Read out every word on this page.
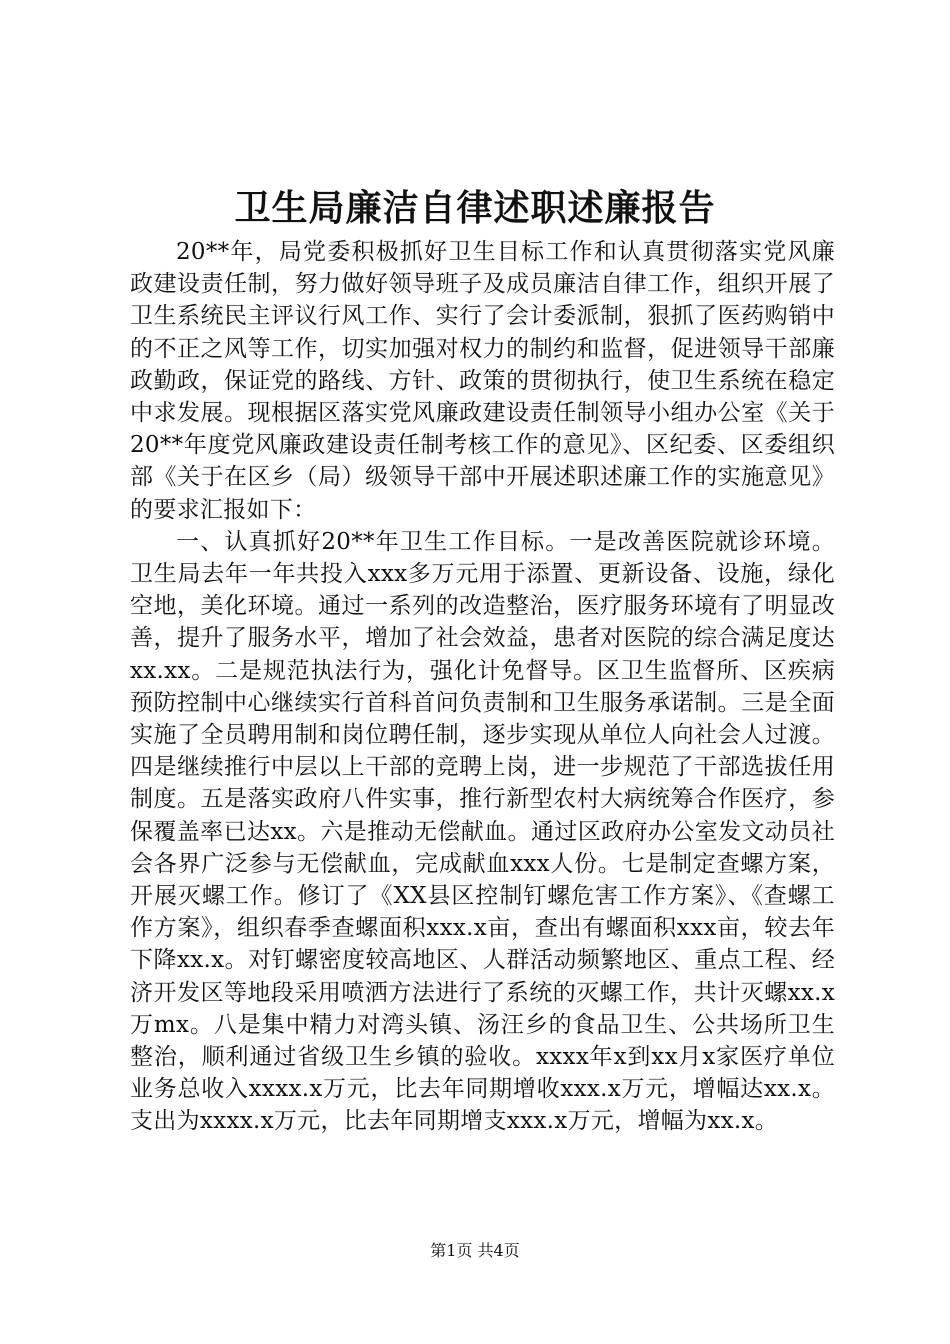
卫生局廉洁自律述职述廉报告

20**年，局党委积极抓好卫生目标工作和认真贯彻落实党风廉政建设责任制，努力做好领导班子及成员廉洁自律工作，组织开展了卫生系统民主评议行风工作、实行了会计委派制，狠抓了医药购销中的不正之风等工作，切实加强对权力的制约和监督，促进领导干部廉政勤政，保证党的路线、方针、政策的贯彻执行，使卫生系统在稳定中求发展。现根据区落实党风廉政建设责任制领导小组办公室《关于20**年度党风廉政建设责任制考核工作的意见》、区纪委、区委组织部《关于在区乡（局）级领导干部中开展述职述廉工作的实施意见》的要求汇报如下：

一、认真抓好20**年卫生工作目标。一是改善医院就诊环境。卫生局去年一年共投入xxx多万元用于添置、更新设备、设施，绿化空地，美化环境。通过一系列的改造整治，医疗服务环境有了明显改善，提升了服务水平，增加了社会效益，患者对医院的综合满足度达xx.xx。二是规范执法行为，强化计免督导。区卫生监督所、区疾病预防控制中心继续实行首科首问负责制和卫生服务承诺制。三是全面实施了全员聘用制和岗位聘任制，逐步实现从单位人向社会人过渡。四是继续推行中层以上干部的竞聘上岗，进一步规范了干部选拔任用制度。五是落实政府八件实事，推行新型农村大病统筹合作医疗，参保覆盖率已达xx。六是推动无偿献血。通过区政府办公室发文动员社会各界广泛参与无偿献血，完成献血xxx人份。七是制定查螺方案，开展灭螺工作。修订了《XX县区控制钉螺危害工作方案》、《查螺工作方案》，组织春季查螺面积xxx.x亩，查出有螺面积xxx亩，较去年下降xx.x。对钉螺密度较高地区、人群活动频繁地区、重点工程、经济开发区等地段采用喷洒方法进行了系统的灭螺工作，共计灭螺xx.x万mx。八是集中精力对湾头镇、汤汪乡的食品卫生、公共场所卫生整治，顺利通过省级卫生乡镇的验收。xxxx年x到xx月x家医疗单位业务总收入xxxx.x万元，比去年同期增收xxx.x万元，增幅达xx.x。支出为xxxx.x万元，比去年同期增支xxx.x万元，增幅为xx.x。

第1页 共4页
